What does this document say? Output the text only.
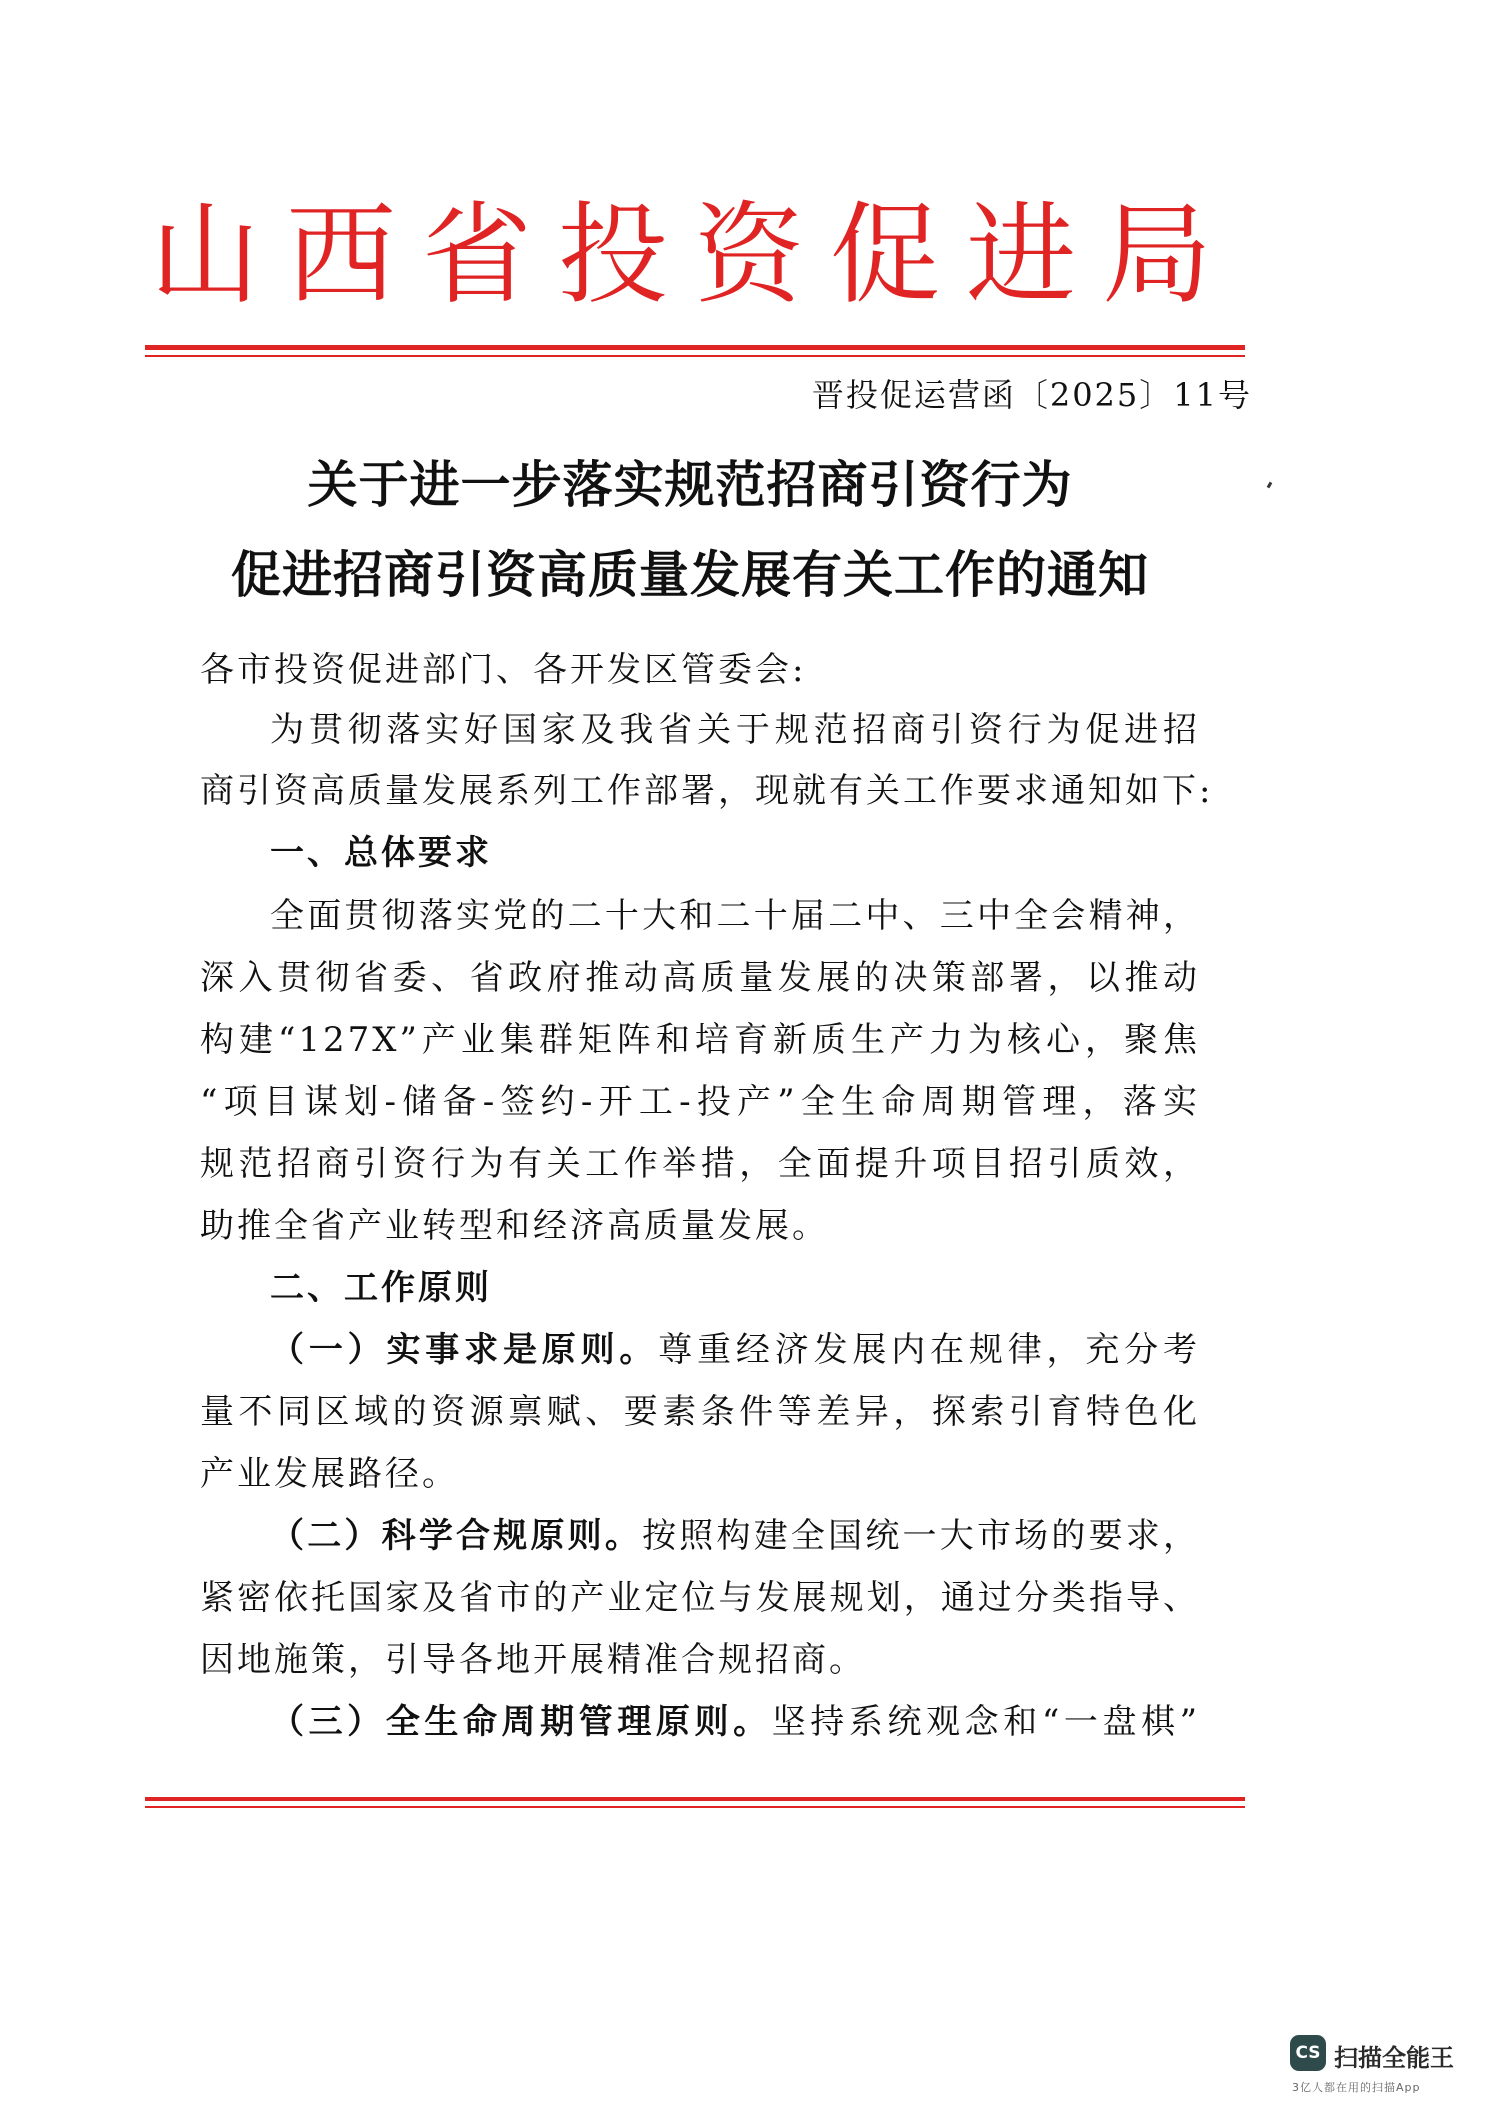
山西省投资促进局
晋投促运营函〔2025〕11号
关于进一步落实规范招商引资行为
促进招商引资高质量发展有关工作的通知
各市投资促进部门、各开发区管委会:
为贯彻落实好国家及我省关于规范招商引资行为促进招
商引资高质量发展系列工作部署，现就有关工作要求通知如下:
一、总体要求
全面贯彻落实党的二十大和二十届二中、三中全会精神，
深入贯彻省委、省政府推动高质量发展的决策部署，以推动
构建“127X”产业集群矩阵和培育新质生产力为核心，聚焦
“项目谋划-储备-签约-开工-投产”全生命周期管理，落实
规范招商引资行为有关工作举措，全面提升项目招引质效，
助推全省产业转型和经济高质量发展。
二、工作原则
（一）实事求是原则。尊重经济发展内在规律，充分考
量不同区域的资源禀赋、要素条件等差异，探索引育特色化
产业发展路径。
（二）科学合规原则。按照构建全国统一大市场的要求，
紧密依托国家及省市的产业定位与发展规划，通过分类指导、
因地施策，引导各地开展精准合规招商。
（三）全生命周期管理原则。坚持系统观念和“一盘棋”
CS 扫描全能王
3亿人都在用的扫描App
